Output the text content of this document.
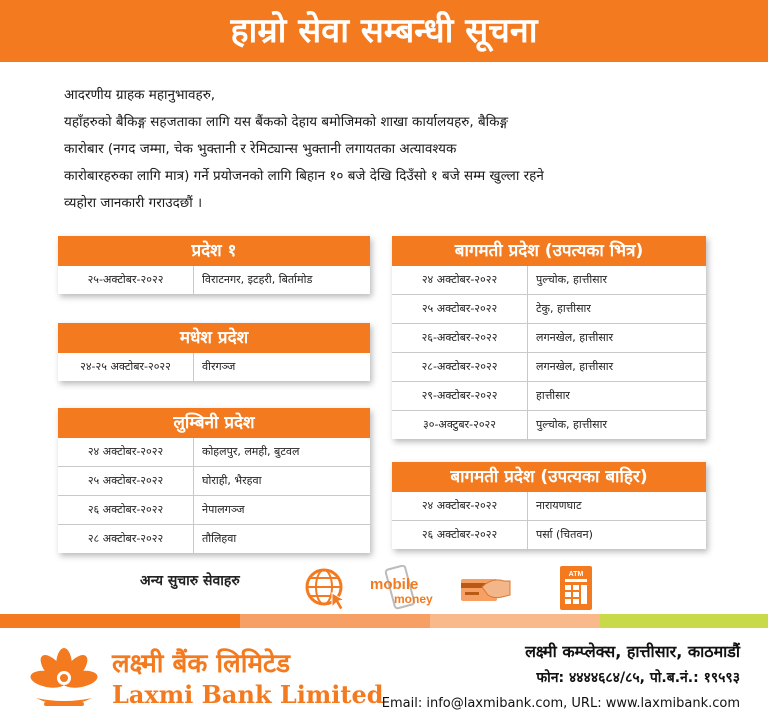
हाम्रो सेवा सम्बन्धी सूचना

आदरणीय ग्राहक महानुभावहरु,

यहाँहरुको बैकिङ्ग सहजताका लागि यस बैंकको देहाय बमोजिमको शाखा कार्यालयहरु, बैकिङ्ग

कारोबार (नगद जम्मा, चेक भुक्तानी र रेमिट्यान्स भुक्तानी लगायतका अत्यावश्यक

कारोबारहरुका लागि मात्र) गर्ने प्रयोजनको लागि बिहान १० बजे देखि दिउँसो १ बजे सम्म खुल्ला रहने

व्यहोरा जानकारी गराउदछौं ।

प्रदेश १
२५-अक्टोबर-२०२२	विराटनगर, इटहरी, बिर्तामोड
मधेश प्रदेश
२४-२५ अक्टोबर-२०२२	वीरगञ्ज
लुम्बिनी प्रदेश
२४ अक्टोबर-२०२२	कोहलपुर, लमही, बुटवल
२५ अक्टोबर-२०२२	घोराही, भैरहवा
२६ अक्टोबर-२०२२	नेपालगञ्ज
२८ अक्टोबर-२०२२	तौलिहवा
बागमती प्रदेश (उपत्यका भित्र)
२४ अक्टोबर-२०२२	पुल्चोक, हात्तीसार
२५ अक्टोबर-२०२२	टेकु, हात्तीसार
२६-अक्टोबर-२०२२	लगनखेल, हात्तीसार
२८-अक्टोबर-२०२२	लगनखेल, हात्तीसार
२९-अक्टोबर-२०२२	हात्तीसार
३०-अक्टुबर-२०२२	पुल्चोक, हात्तीसार
बागमती प्रदेश (उपत्यका बाहिर)
२४ अक्टोबर-२०२२	नारायणघाट
२६ अक्टोबर-२०२२	पर्सा (चितवन)
अन्य सुचारु सेवाहरु	mobile
money
ATM
लक्ष्मी बैंक लिमिटेड
Laxmi Bank Limited
लक्ष्मी कम्प्लेक्स, हात्तीसार, काठमाडौं
फोन: ४४४४६८४/८५, पो.ब.नं.: १९५९३
Email: info@laxmibank.com, URL: www.laxmibank.com
